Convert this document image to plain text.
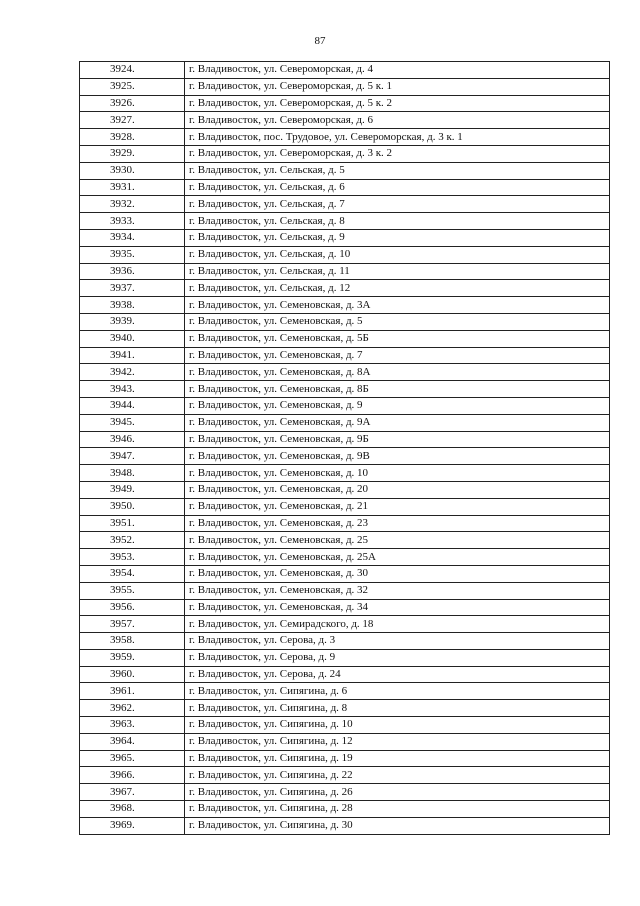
87
3924.	г. Владивосток, ул. Североморская, д. 4
3925.	г. Владивосток, ул. Североморская, д. 5 к. 1
3926.	г. Владивосток, ул. Североморская, д. 5 к. 2
3927.	г. Владивосток, ул. Североморская, д. 6
3928.	г. Владивосток, пос. Трудовое, ул. Североморская, д. 3 к. 1
3929.	г. Владивосток, ул. Североморская, д. 3 к. 2
3930.	г. Владивосток, ул. Сельская, д. 5
3931.	г. Владивосток, ул. Сельская, д. 6
3932.	г. Владивосток, ул. Сельская, д. 7
3933.	г. Владивосток, ул. Сельская, д. 8
3934.	г. Владивосток, ул. Сельская, д. 9
3935.	г. Владивосток, ул. Сельская, д. 10
3936.	г. Владивосток, ул. Сельская, д. 11
3937.	г. Владивосток, ул. Сельская, д. 12
3938.	г. Владивосток, ул. Семеновская, д. 3А
3939.	г. Владивосток, ул. Семеновская, д. 5
3940.	г. Владивосток, ул. Семеновская, д. 5Б
3941.	г. Владивосток, ул. Семеновская, д. 7
3942.	г. Владивосток, ул. Семеновская, д. 8А
3943.	г. Владивосток, ул. Семеновская, д. 8Б
3944.	г. Владивосток, ул. Семеновская, д. 9
3945.	г. Владивосток, ул. Семеновская, д. 9А
3946.	г. Владивосток, ул. Семеновская, д. 9Б
3947.	г. Владивосток, ул. Семеновская, д. 9В
3948.	г. Владивосток, ул. Семеновская, д. 10
3949.	г. Владивосток, ул. Семеновская, д. 20
3950.	г. Владивосток, ул. Семеновская, д. 21
3951.	г. Владивосток, ул. Семеновская, д. 23
3952.	г. Владивосток, ул. Семеновская, д. 25
3953.	г. Владивосток, ул. Семеновская, д. 25А
3954.	г. Владивосток, ул. Семеновская, д. 30
3955.	г. Владивосток, ул. Семеновская, д. 32
3956.	г. Владивосток, ул. Семеновская, д. 34
3957.	г. Владивосток, ул. Семирадского, д. 18
3958.	г. Владивосток, ул. Серова, д. 3
3959.	г. Владивосток, ул. Серова, д. 9
3960.	г. Владивосток, ул. Серова, д. 24
3961.	г. Владивосток, ул. Сипягина, д. 6
3962.	г. Владивосток, ул. Сипягина, д. 8
3963.	г. Владивосток, ул. Сипягина, д. 10
3964.	г. Владивосток, ул. Сипягина, д. 12
3965.	г. Владивосток, ул. Сипягина, д. 19
3966.	г. Владивосток, ул. Сипягина, д. 22
3967.	г. Владивосток, ул. Сипягина, д. 26
3968.	г. Владивосток, ул. Сипягина, д. 28
3969.	г. Владивосток, ул. Сипягина, д. 30
